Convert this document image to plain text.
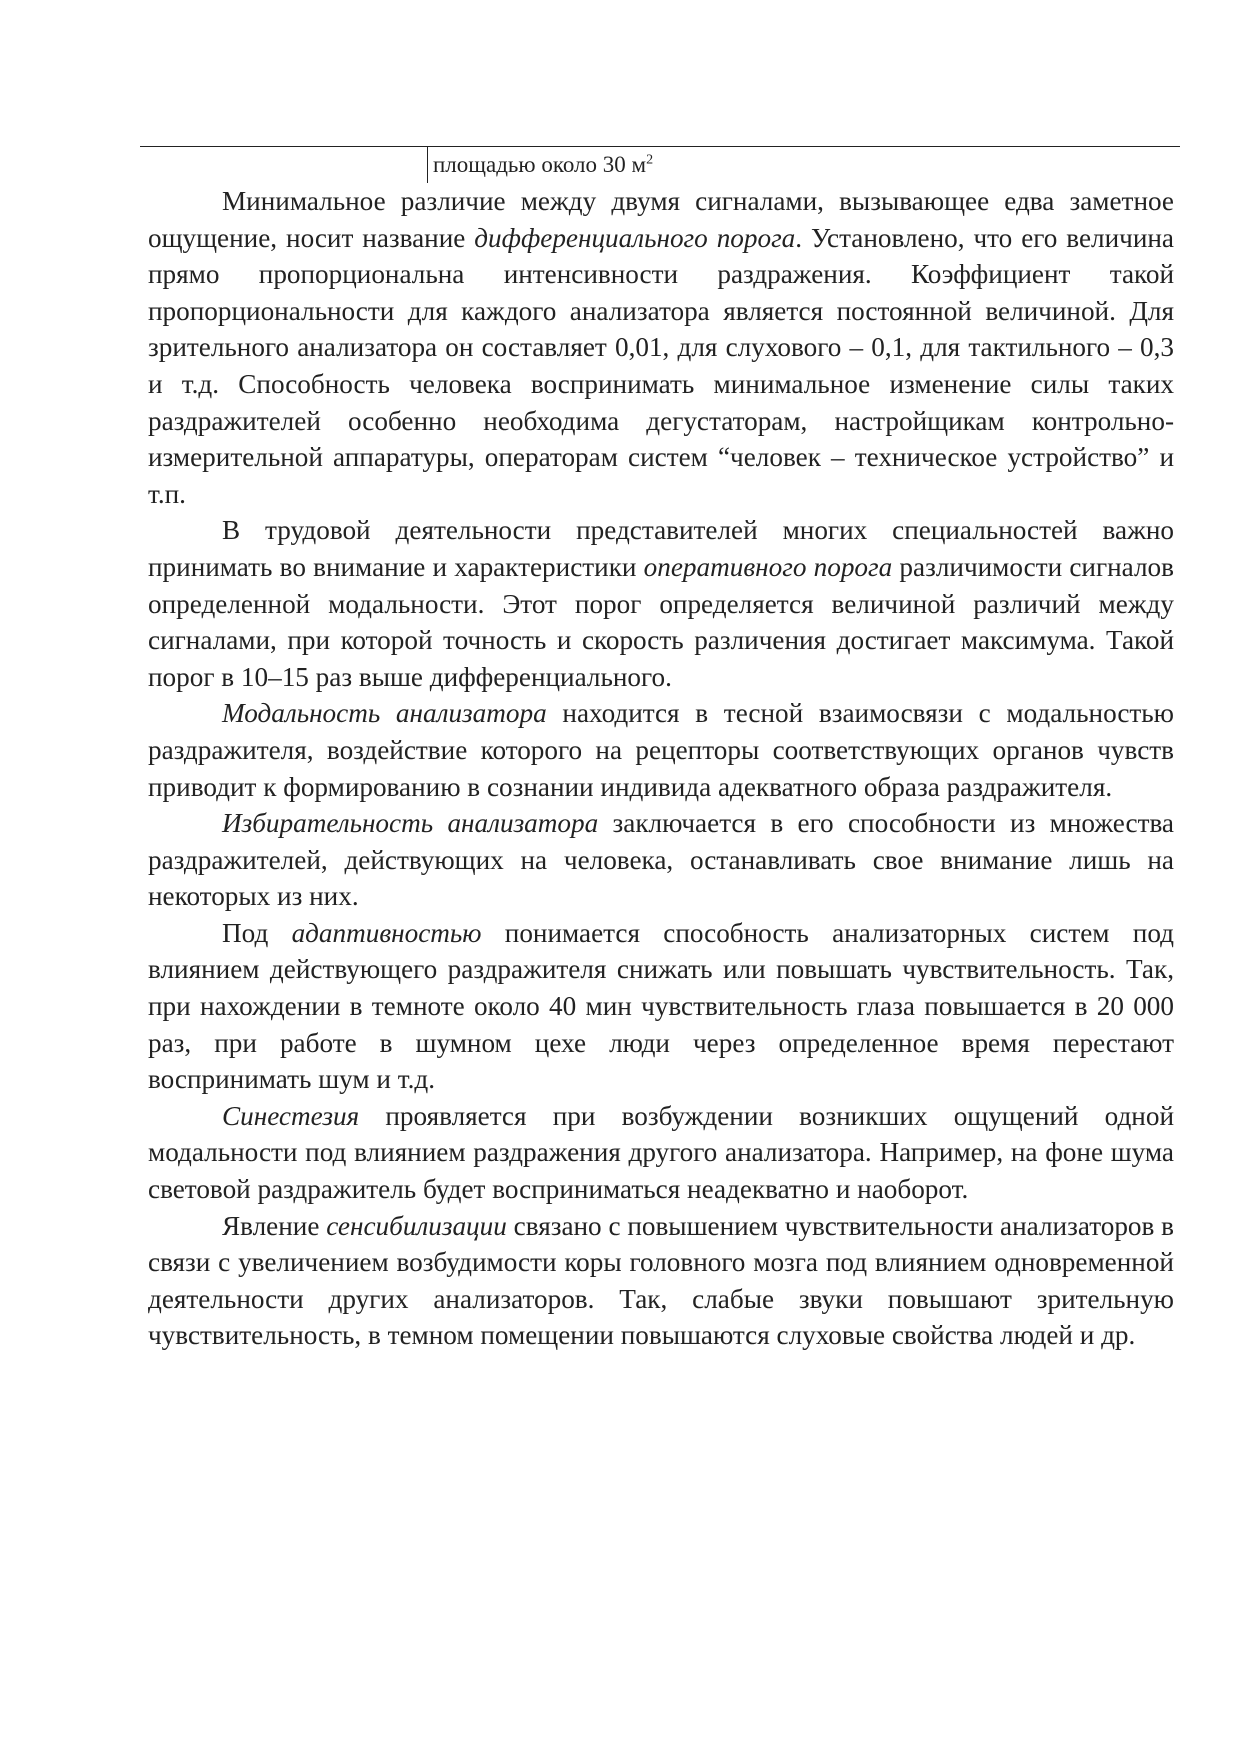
площадью около 30 $м^2$

Минимальное различие между двумя сигналами, вызывающее едва заметное ощущение, носит название дифференциального порога. Установлено, что его величина прямо пропорциональна интенсивности раздражения. Коэффициент такой пропорциональности для каждого анализатора является постоянной величиной. Для зрительного анализатора он составляет 0,01, для слухового – 0,1, для тактильного – 0,3 и т.д. Способность человека воспринимать минимальное изменение силы таких раздражителей особенно необходима дегустаторам, настройщикам контрольно-измерительной аппаратуры, операторам систем “человек – техническое устройство” и т.п.

В трудовой деятельности представителей многих специальностей важно принимать во внимание и характеристики оперативного порога различимости сигналов определенной модальности. Этот порог определяется величиной различий между сигналами, при которой точность и скорость различения достигает максимума. Такой порог в 10–15 раз выше дифференциального.

Модальность анализатора находится в тесной взаимосвязи с модальностью раздражителя, воздействие которого на рецепторы соответствующих органов чувств приводит к формированию в сознании индивида адекватного образа раздражителя.

Избирательность анализатора заключается в его способности из множества раздражителей, действующих на человека, останавливать свое внимание лишь на некоторых из них.

Под адаптивностью понимается способность анализаторных систем под влиянием действующего раздражителя снижать или повышать чувствительность. Так, при нахождении в темноте около 40 мин чувствительность глаза повышается в 20 000 раз, при работе в шумном цехе люди через определенное время перестают воспринимать шум и т.д.

Синестезия проявляется при возбуждении возникших ощущений одной модальности под влиянием раздражения другого анализатора. Например, на фоне шума световой раздражитель будет восприниматься неадекватно и наоборот.

Явление сенсибилизации связано с повышением чувствительности анализаторов в связи с увеличением возбудимости коры головного мозга под влиянием одновременной деятельности других анализаторов. Так, слабые звуки повышают зрительную чувствительность, в темном помещении повышаются слуховые свойства людей и др.
